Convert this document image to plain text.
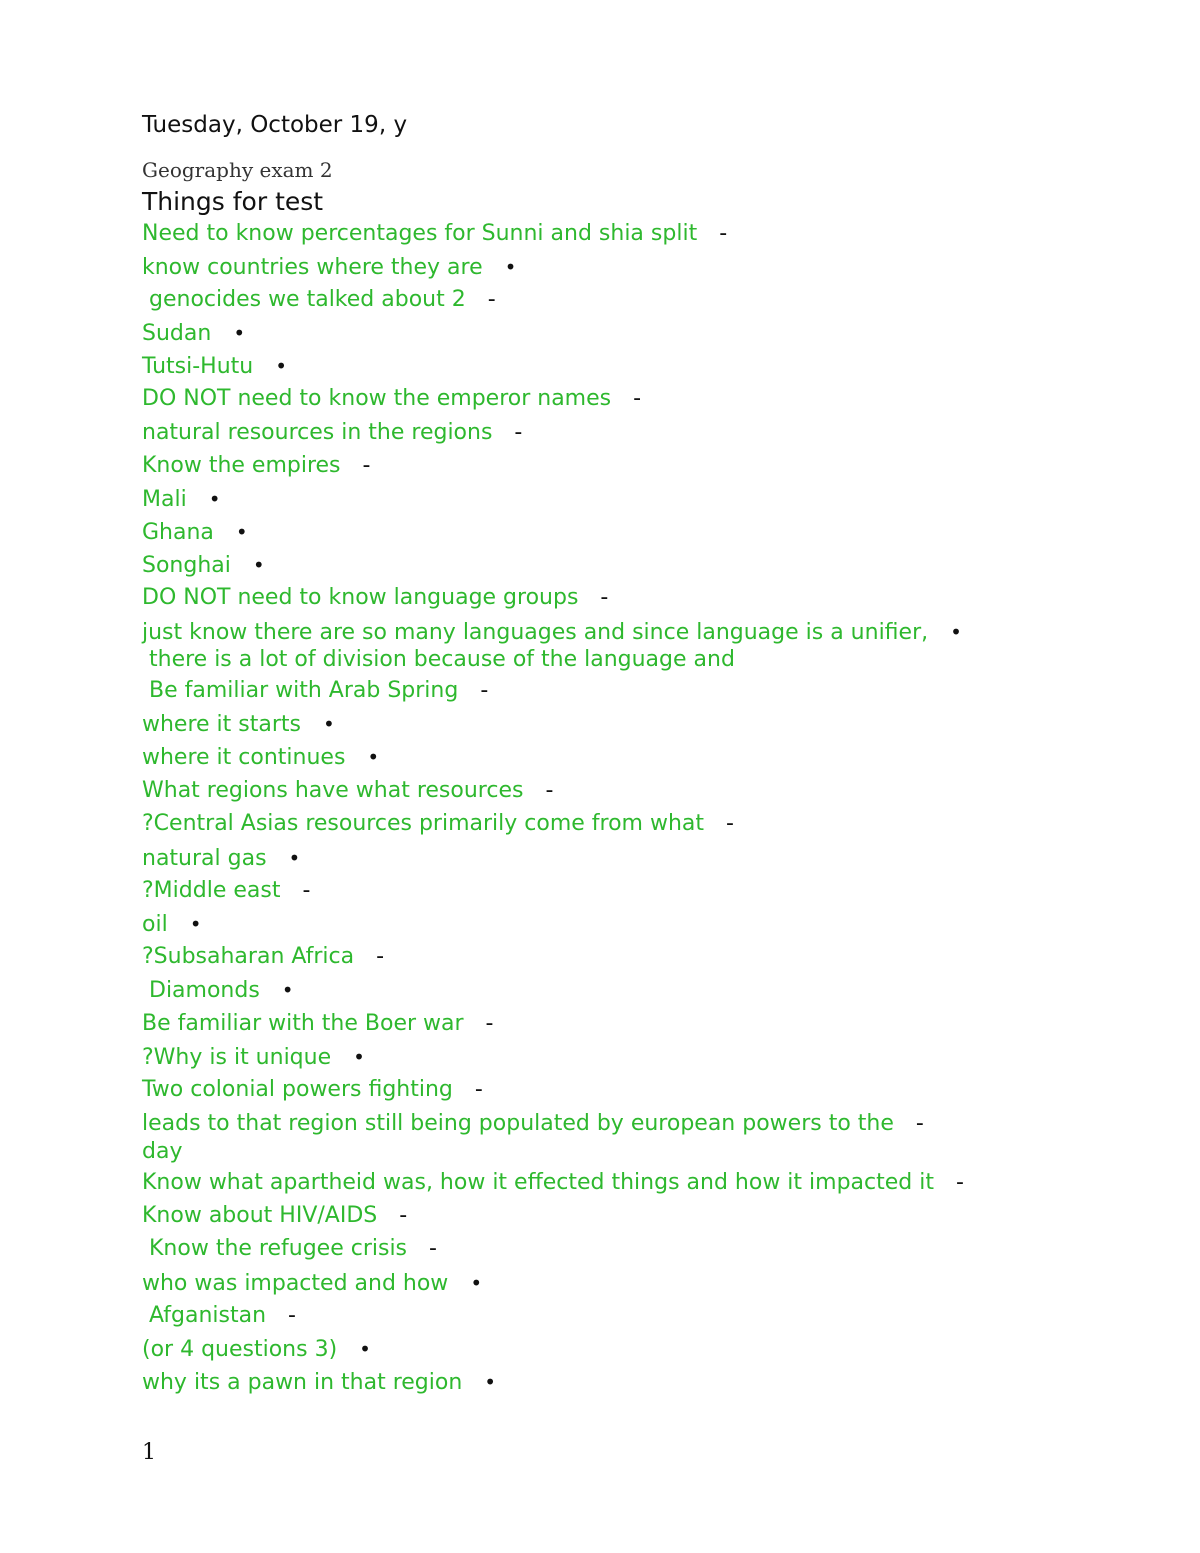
Tuesday, October 19, y
Geography exam 2
Things for test
Need to know percentages for Sunni and shia split -
know countries where they are •
genocides we talked about 2 -
Sudan •
Tutsi-Hutu •
DO NOT need to know the emperor names -
natural resources in the regions -
Know the empires -
Mali •
Ghana •
Songhai •
DO NOT need to know language groups -
just know there are so many languages and since language is a unifier, •
there is a lot of division because of the language and
Be familiar with Arab Spring -
where it starts •
where it continues •
What regions have what resources -
?Central Asias resources primarily come from what -
natural gas •
?Middle east -
oil •
?Subsaharan Africa -
Diamonds •
Be familiar with the Boer war -
?Why is it unique •
Two colonial powers fighting -
leads to that region still being populated by european powers to the -
day
Know what apartheid was, how it effected things and how it impacted it -
Know about HIV/AIDS -
Know the refugee crisis -
who was impacted and how •
Afganistan -
(or 4 questions 3) •
why its a pawn in that region •
1
